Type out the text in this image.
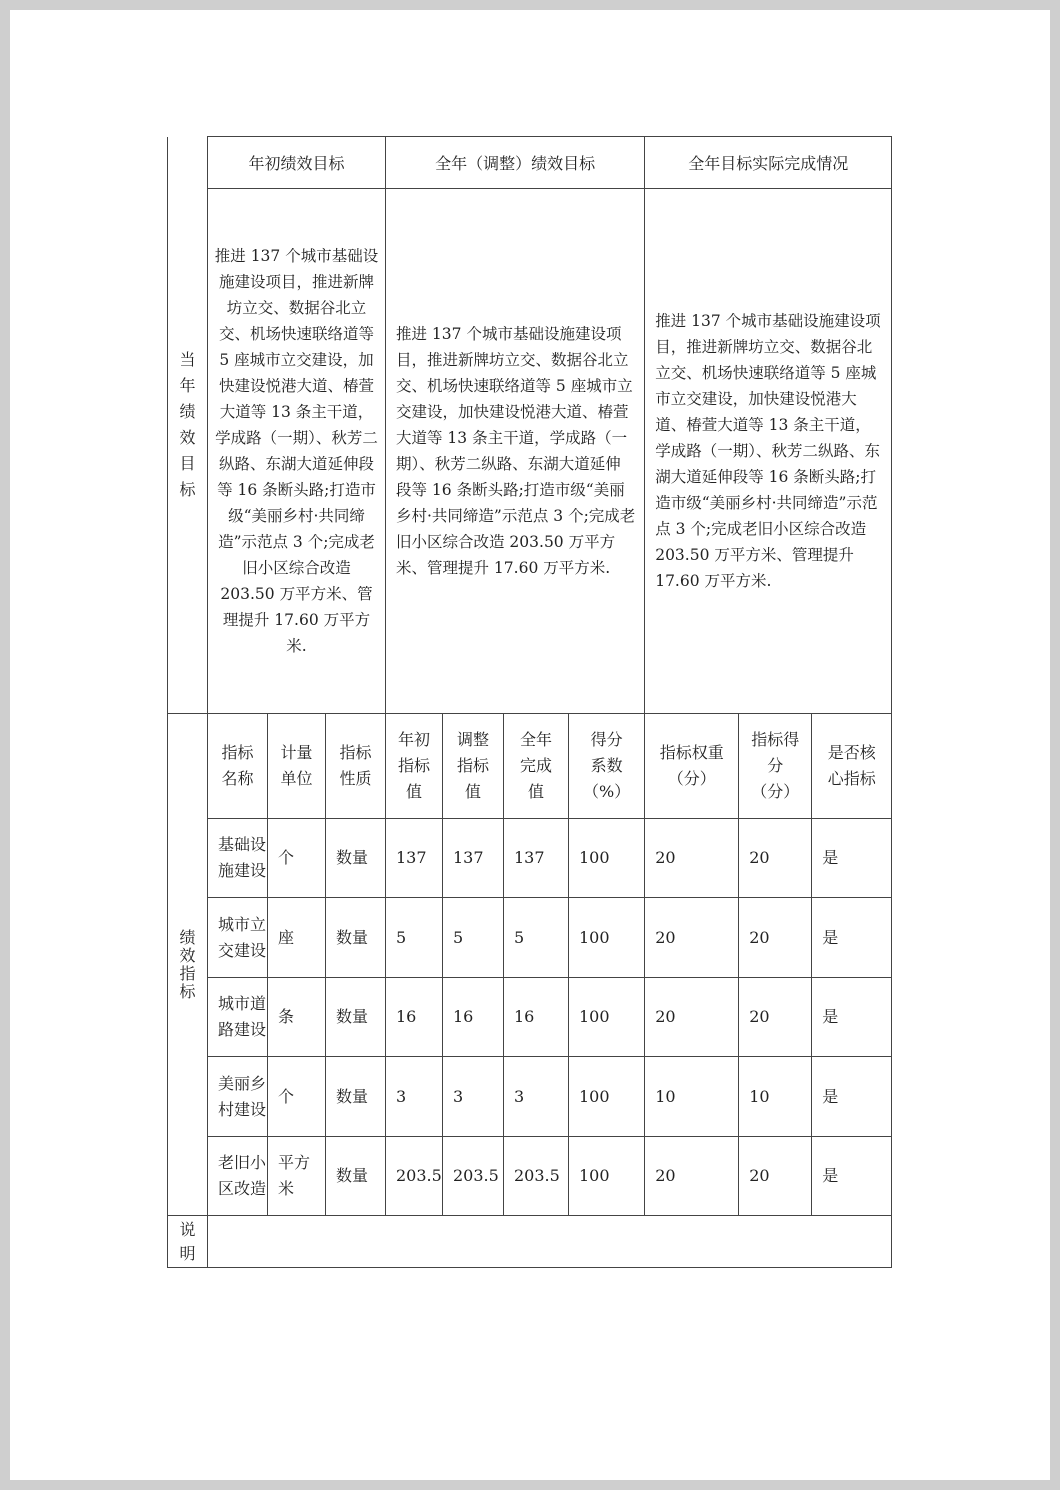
当年绩效目标	年初绩效目标			全年（调整）绩效目标				全年目标实际完成情况		
	推进 137 个城市基础设施建设项目，推进新牌坊立交、数据谷北立交、机场快速联络道等 5 座城市立交建设，加快建设悦港大道、椿萱大道等 13 条主干道，学成路（一期）、秋芳二纵路、东湖大道延伸段等 16 条断头路;打造市级“美丽乡村·共同缔造”示范点 3 个;完成老旧小区综合改造 203.50 万平方米、管理提升 17.60 万平方米.			推进 137 个城市基础设施建设项目，推进新牌坊立交、数据谷北立交、机场快速联络道等 5 座城市立交建设，加快建设悦港大道、椿萱大道等 13 条主干道，学成路（一期）、秋芳二纵路、东湖大道延伸段等 16 条断头路;打造市级“美丽乡村·共同缔造”示范点 3 个;完成老旧小区综合改造 203.50 万平方米、管理提升 17.60 万平方米.				推进 137 个城市基础设施建设项目，推进新牌坊立交、数据谷北立交、机场快速联络道等 5 座城市立交建设，加快建设悦港大道、椿萱大道等 13 条主干道，学成路（一期）、秋芳二纵路、东湖大道延伸段等 16 条断头路;打造市级“美丽乡村·共同缔造”示范点 3 个;完成老旧小区综合改造 203.50 万平方米、管理提升 17.60 万平方米.		
绩效指标	指标名称	计量单位	指标性质	年初指标值	调整指标值	全年完成值	得分系数（%）	指标权重（分）	指标得分（分）	是否核心指标
	基础设施建设	个	数量	137	137	137	100	20	20	是
	城市立交建设	座	数量	5	5	5	100	20	20	是
	城市道路建设	条	数量	16	16	16	100	20	20	是
	美丽乡村建设	个	数量	3	3	3	100	10	10	是
	老旧小区改造	平方米	数量	203.5	203.5	203.5	100	20	20	是
说明										
